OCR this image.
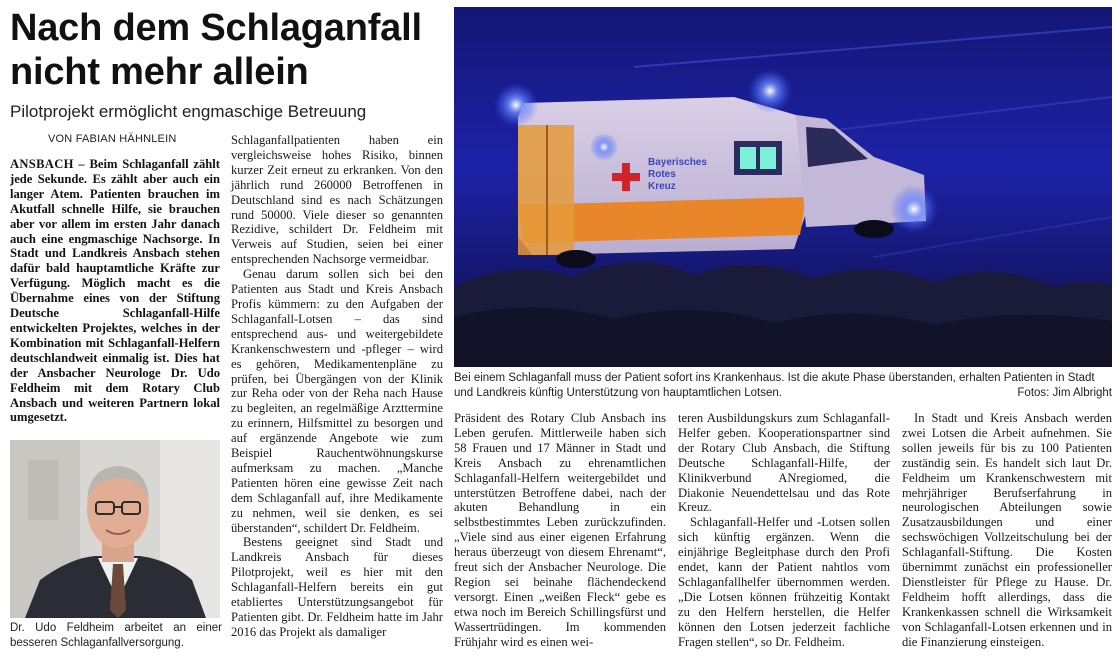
Nach dem Schlaganfall nicht mehr allein
Pilotprojekt ermöglicht engmaschige Betreuung
VON FABIAN HÄHNLEIN
ANSBACH – Beim Schlaganfall zählt jede Sekunde. Es zählt aber auch ein langer Atem. Patienten brauchen im Akutfall schnelle Hilfe, sie brauchen aber vor allem im ersten Jahr danach auch eine engmaschige Nachsorge. In Stadt und Landkreis Ansbach stehen dafür bald hauptamtliche Kräfte zur Verfügung. Möglich macht es die Übernahme eines von der Stiftung Deutsche Schlaganfall-Hilfe entwickelten Projektes, welches in der Kombination mit Schlaganfall-Helfern deutschlandweit einmalig ist. Dies hat der Ansbacher Neurologe Dr. Udo Feldheim mit dem Rotary Club Ansbach und weiteren Partnern lokal umgesetzt.
Dr. Udo Feldheim arbeitet an einer besseren Schlaganfallversorgung.

Schlaganfallpatienten haben ein vergleichsweise hohes Risiko, binnen kurzer Zeit erneut zu erkranken. Von den jährlich rund 260000 Betroffenen in Deutschland sind es nach Schätzungen rund 50000. Viele dieser so genannten Rezidive, schildert Dr. Feldheim mit Verweis auf Studien, seien bei einer entsprechenden Nachsorge vermeidbar.

Genau darum sollen sich bei den Patienten aus Stadt und Kreis Ansbach Profis kümmern: zu den Aufgaben der Schlaganfall-Lotsen – das sind entsprechend aus- und weitergebildete Krankenschwestern und -pfleger – wird es gehören, Medikamentenpläne zu prüfen, bei Übergängen von der Klinik zur Reha oder von der Reha nach Hause zu begleiten, an regelmäßige Arzttermine zu erinnern, Hilfsmittel zu besorgen und auf ergänzende Angebote wie zum Beispiel Rauchentwöhnungskurse aufmerksam zu machen. „Manche Patienten hören eine gewisse Zeit nach dem Schlaganfall auf, ihre Medikamente zu nehmen, weil sie denken, es sei überstanden“, schildert Dr. Feldheim.

Bestens geeignet sind Stadt und Landkreis Ansbach für dieses Pilotprojekt, weil es hier mit den Schlaganfall-Helfern bereits ein gut etabliertes Unterstützungsangebot für Patienten gibt. Dr. Feldheim hatte im Jahr 2016 das Projekt als damaliger

Bayerisches
Rotes
Kreuz
Bei einem Schlaganfall muss der Patient sofort ins Krankenhaus. Ist die akute Phase überstanden, erhalten Patienten in Stadt und Landkreis künftig Unterstützung von hauptamtlichen Lotsen.	Fotos: Jim Albright

Präsident des Rotary Club Ansbach ins Leben gerufen. Mittlerweile haben sich 58 Frauen und 17 Männer in Stadt und Kreis Ansbach zu ehrenamtlichen Schlaganfall-Helfern weitergebildet und unterstützen Betroffene dabei, nach der akuten Behandlung in ein selbstbestimmtes Leben zurückzufinden. „Viele sind aus einer eigenen Erfahrung heraus überzeugt von diesem Ehrenamt“, freut sich der Ansbacher Neurologe. Die Region sei beinahe flächendeckend versorgt. Einen „weißen Fleck“ gebe es etwa noch im Bereich Schillingsfürst und Wassertrüdingen. Im kommenden Frühjahr wird es einen wei-

teren Ausbildungskurs zum Schlaganfall-Helfer geben. Kooperationspartner sind der Rotary Club Ansbach, die Stiftung Deutsche Schlaganfall-Hilfe, der Klinikverbund ANregiomed, die Diakonie Neuendettelsau und das Rote Kreuz.

Schlaganfall-Helfer und -Lotsen sollen sich künftig ergänzen. Wenn die einjährige Begleitphase durch den Profi endet, kann der Patient nahtlos vom Schlaganfallhelfer übernommen werden. „Die Lotsen können frühzeitig Kontakt zu den Helfern herstellen, die Helfer können den Lotsen jederzeit fachliche Fragen stellen“, so Dr. Feldheim.

In Stadt und Kreis Ansbach werden zwei Lotsen die Arbeit aufnehmen. Sie sollen jeweils für bis zu 100 Patienten zuständig sein. Es handelt sich laut Dr. Feldheim um Krankenschwestern mit mehrjähriger Berufserfahrung in neurologischen Abteilungen sowie Zusatzausbildungen und einer sechswöchigen Vollzeitschulung bei der Schlaganfall-Stiftung. Die Kosten übernimmt zunächst ein professioneller Dienstleister für Pflege zu Hause. Dr. Feldheim hofft allerdings, dass die Krankenkassen schnell die Wirksamkeit von Schlaganfall-Lotsen erkennen und in die Finanzierung einsteigen.
